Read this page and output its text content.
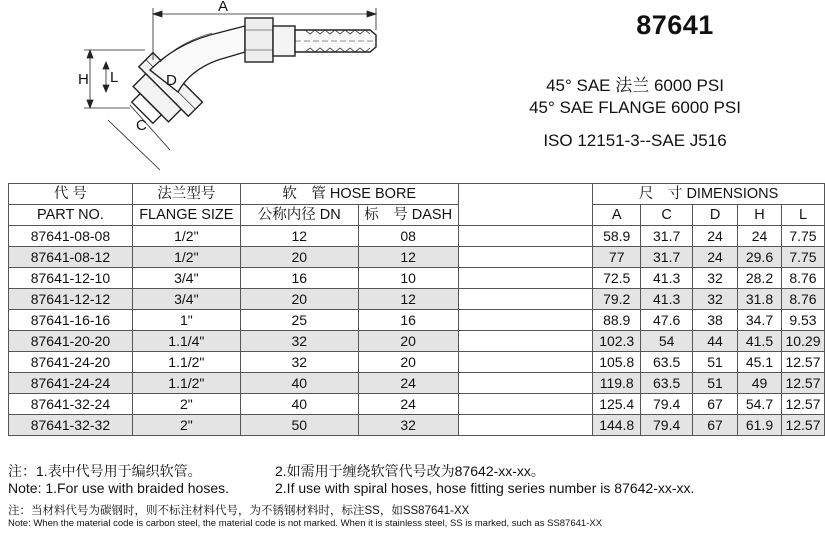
A
H L	D
C
87641
45° SAE 法兰 6000 PSI
45° SAE FLANGE 6000 PSI
ISO 12151-3--SAE J516
代 号	法兰型号	软　管 HOSE BORE			尺　寸 DIMENSIONS				
PART NO.	FLANGE SIZE	公称内径 DN	标　号 DASH		A	C	D	H	L
87641-08-08	1/2"	12	08		58.9	31.7	24	24	7.75
87641-08-12	1/2"	20	12		77	31.7	24	29.6	7.75
87641-12-10	3/4"	16	10		72.5	41.3	32	28.2	8.76
87641-12-12	3/4"	20	12		79.2	41.3	32	31.8	8.76
87641-16-16	1"	25	16		88.9	47.6	38	34.7	9.53
87641-20-20	1.1/4"	32	20		102.3	54	44	41.5	10.29
87641-24-20	1.1/2"	32	20		105.8	63.5	51	45.1	12.57
87641-24-24	1.1/2"	40	24		119.8	63.5	51	49	12.57
87641-32-24	2"	40	24		125.4	79.4	67	54.7	12.57
87641-32-32	2"	50	32		144.8	79.4	67	61.9	12.57
注：1.表中代号用于编织软管。	2.如需用于缠绕软管代号改为87642-xx-xx。
Note: 1.For use with braided hoses.	2.If use with spiral hoses, hose fitting series number is 87642-xx-xx.
注：当材料代号为碳钢时，则不标注材料代号，为不锈钢材料时，标注SS，如SS87641-XX
Note: When the material code is carbon steel, the material code is not marked. When it is stainless steel, SS is marked, such as SS87641-XX
